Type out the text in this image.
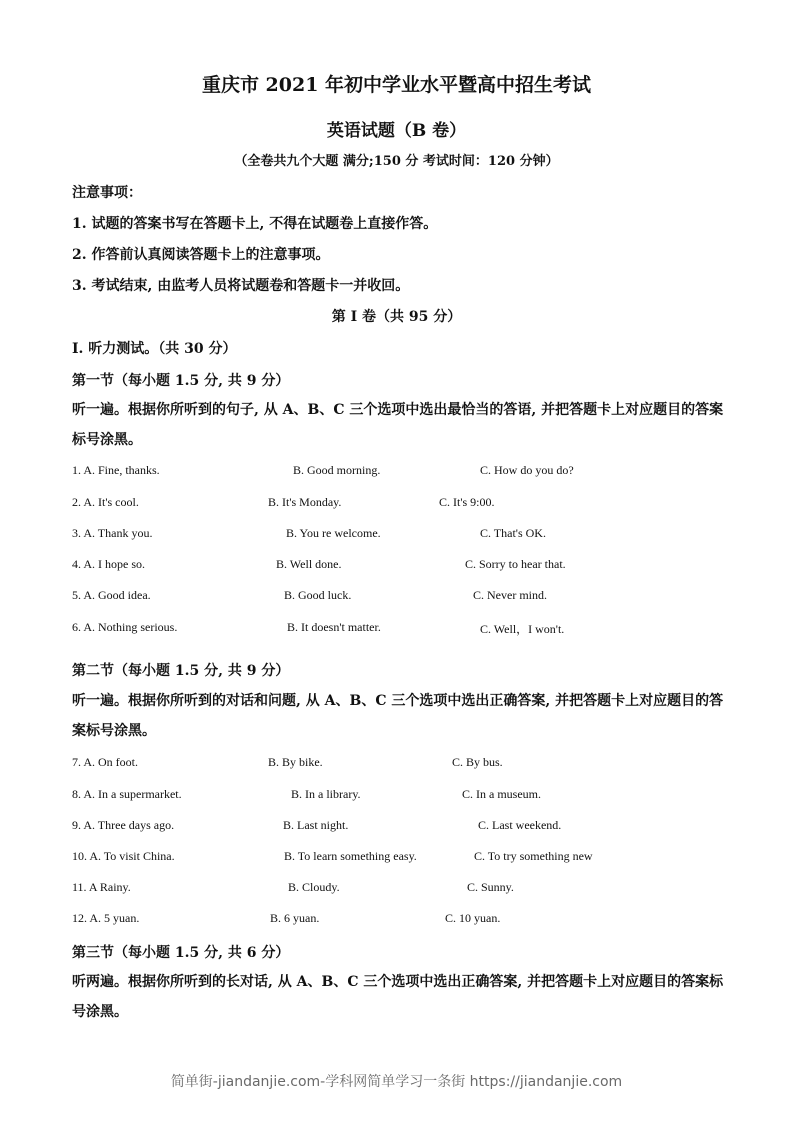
重庆市 2021 年初中学业水平暨高中招生考试
英语试题（B 卷）
（全卷共九个大题 满分;150 分 考试时间：120 分钟）
注意事项：
1. 试题的答案书写在答题卡上, 不得在试题卷上直接作答。
2. 作答前认真阅读答题卡上的注意事项。
3. 考试结束, 由监考人员将试题卷和答题卡一并收回。
第 I 卷（共 95 分）
I. 听力测试。（共 30 分）
第一节（每小题 1.5 分, 共 9 分）
听一遍。根据你所听到的句子, 从 A、B、C 三个选项中选出最恰当的答语, 并把答题卡上对应题目的答案标号涂黑。
1. A. Fine, thanks.	B. Good morning.	C. How do you do?
2. A. It's cool.	B. It's Monday.	C. It's 9:00.
3. A. Thank you.	B. You re welcome.	C. That's OK.
4. A. I hope so.	B. Well done.	C. Sorry to hear that.
5. A. Good idea.	B. Good luck.	C. Never mind.
6. A. Nothing serious.	B. It doesn't matter.	C. Well，I won't.
第二节（每小题 1.5 分, 共 9 分）
听一遍。根据你所听到的对话和问题, 从 A、B、C 三个选项中选出正确答案, 并把答题卡上对应题目的答案标号涂黑。
7. A. On foot.	B. By bike.	C. By bus.
8. A. In a supermarket.	B. In a library.	C. In a museum.
9. A. Three days ago.	B. Last night.	C. Last weekend.
10. A. To visit China.	B. To learn something easy.	C. To try something new
11. A Rainy.	B. Cloudy.	C. Sunny.
12. A. 5 yuan.	B. 6 yuan.	C. 10 yuan.
第三节（每小题 1.5 分, 共 6 分）
听两遍。根据你所听到的长对话, 从 A、B、C 三个选项中选出正确答案, 并把答题卡上对应题目的答案标号涂黑。
简单街-jiandanjie.com-学科网简单学习一条街 https://jiandanjie.com
